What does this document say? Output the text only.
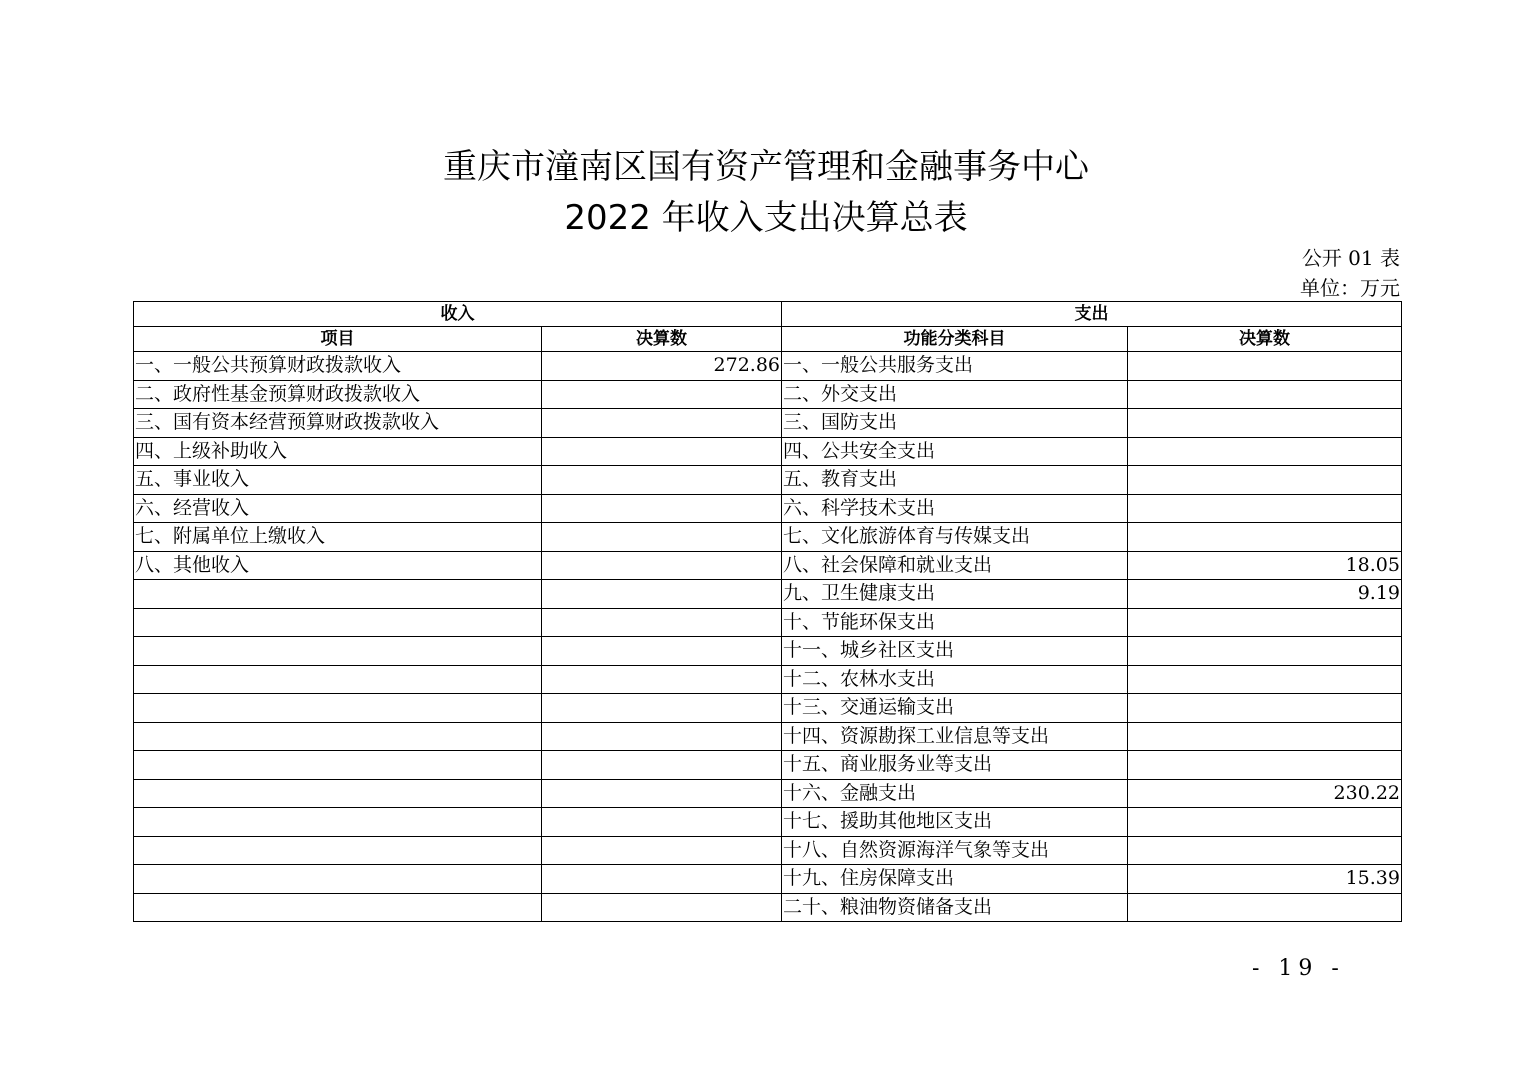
重庆市潼南区国有资产管理和金融事务中心
2022 年收入支出决算总表
公开 01 表
单位：万元
收入		支出	
项目	决算数	功能分类科目	决算数
一、一般公共预算财政拨款收入	272.86	一、一般公共服务支出	
二、政府性基金预算财政拨款收入		二、外交支出	
三、国有资本经营预算财政拨款收入		三、国防支出	
四、上级补助收入		四、公共安全支出	
五、事业收入		五、教育支出	
六、经营收入		六、科学技术支出	
七、附属单位上缴收入		七、文化旅游体育与传媒支出	
八、其他收入		八、社会保障和就业支出	18.05
		九、卫生健康支出	9.19
		十、节能环保支出	
		十一、城乡社区支出	
		十二、农林水支出	
		十三、交通运输支出	
		十四、资源勘探工业信息等支出	
		十五、商业服务业等支出	
		十六、金融支出	230.22
		十七、援助其他地区支出	
		十八、自然资源海洋气象等支出	
		十九、住房保障支出	15.39
		二十、粮油物资储备支出	
- 19 -
